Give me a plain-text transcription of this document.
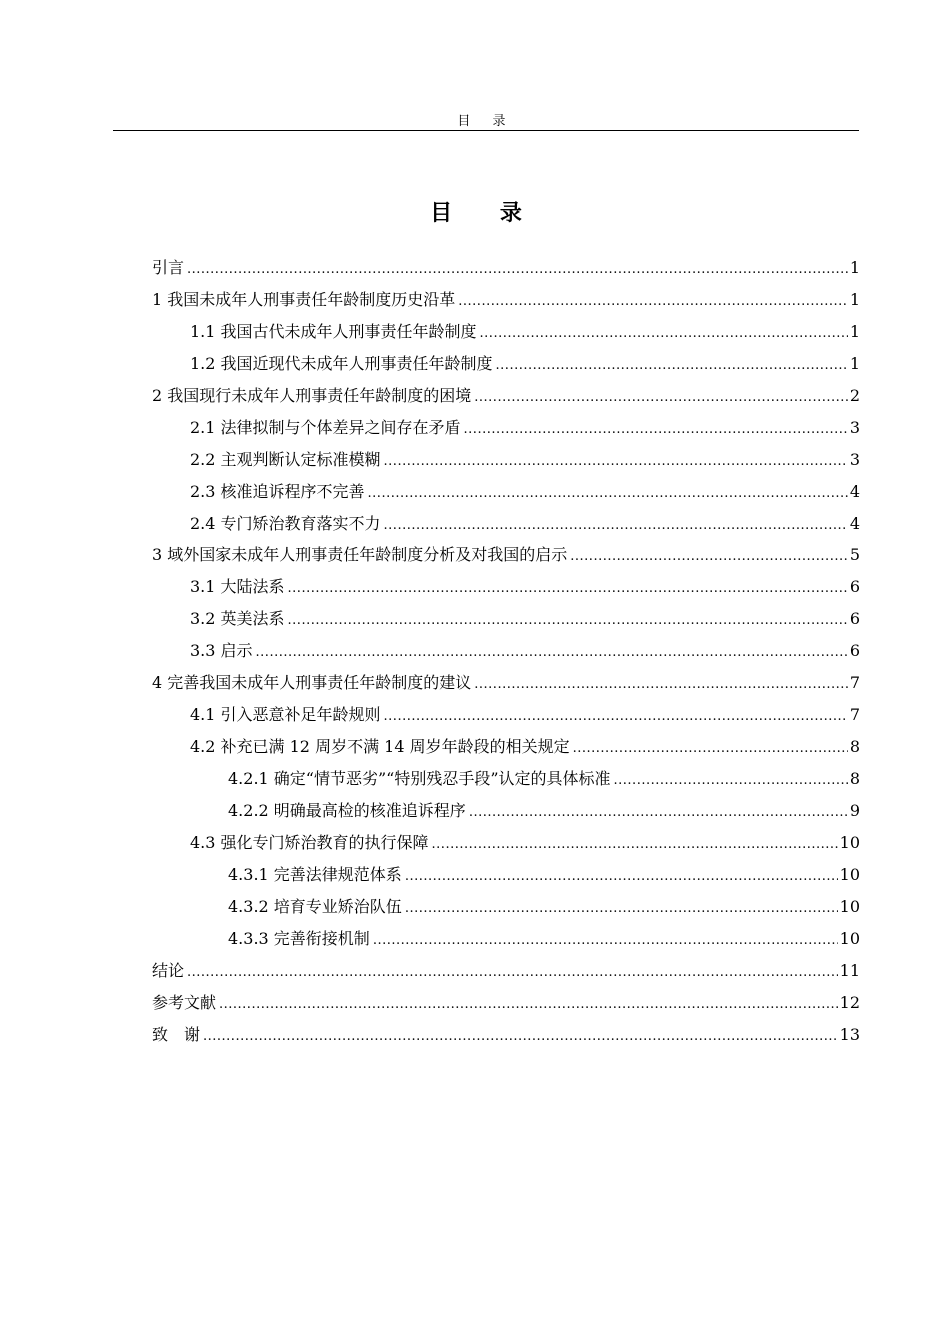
目 录
目 录
引言 .....	1
1 我国未成年人刑事责任年龄制度历史沿革 .....	1
1.1 我国古代未成年人刑事责任年龄制度 .....	1
1.2 我国近现代未成年人刑事责任年龄制度 .....	1
2 我国现行未成年人刑事责任年龄制度的困境 .....	2
2.1 法律拟制与个体差异之间存在矛盾 .....	3
2.2 主观判断认定标准模糊 .....	3
2.3 核准追诉程序不完善 .....	4
2.4 专门矫治教育落实不力 .....	4
3 域外国家未成年人刑事责任年龄制度分析及对我国的启示 .....	5
3.1 大陆法系 .....	6
3.2 英美法系 .....	6
3.3 启示 .....	6
4 完善我国未成年人刑事责任年龄制度的建议 .....	7
4.1 引入恶意补足年龄规则 .....	7
4.2 补充已满 12 周岁不满 14 周岁年龄段的相关规定 .....	8
4.2.1 确定“情节恶劣”“特别残忍手段”认定的具体标准 .....	8
4.2.2 明确最高检的核准追诉程序 .....	9
4.3 强化专门矫治教育的执行保障 .....	10
4.3.1 完善法律规范体系 .....	10
4.3.2 培育专业矫治队伍 .....	10
4.3.3 完善衔接机制 .....	10
结论 .....	11
参考文献 .....	12
致　谢 .....	13
